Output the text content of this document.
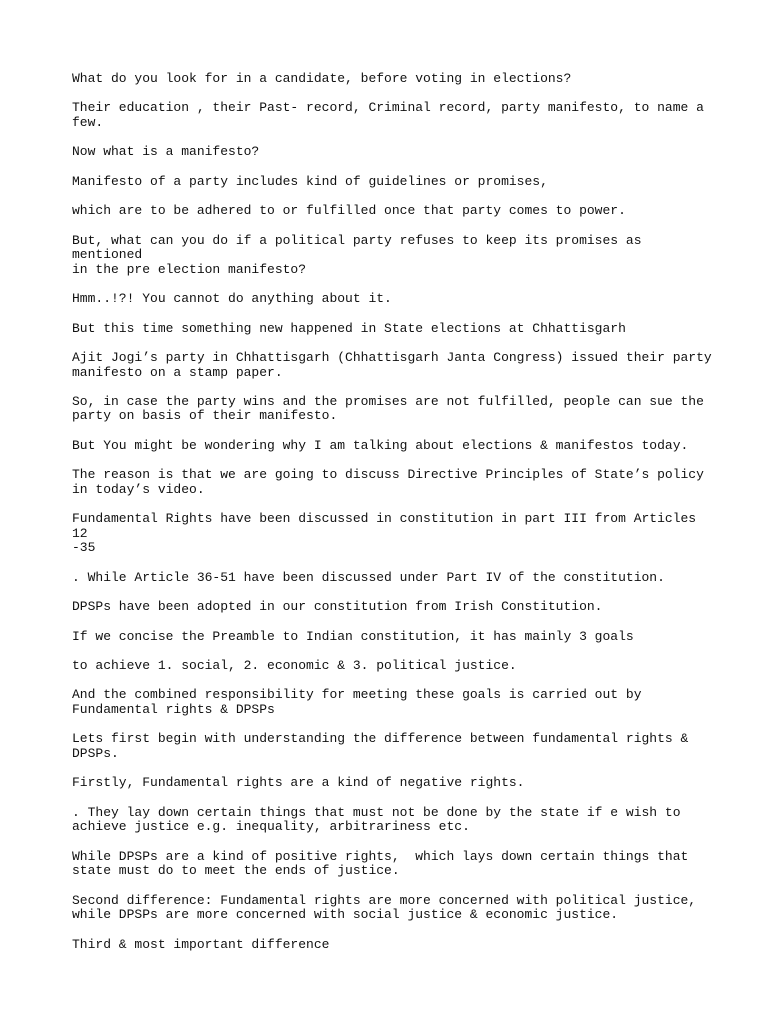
What do you look for in a candidate, before voting in elections?

Their education , their Past- record, Criminal record, party manifesto, to name a
few.

Now what is a manifesto?

Manifesto of a party includes kind of guidelines or promises,

which are to be adhered to or fulfilled once that party comes to power.

But, what can you do if a political party refuses to keep its promises as mentioned
in the pre election manifesto?

Hmm..!?! You cannot do anything about it.

But this time something new happened in State elections at Chhattisgarh

Ajit Jogi’s party in Chhattisgarh (Chhattisgarh Janta Congress) issued their party
manifesto on a stamp paper.

So, in case the party wins and the promises are not fulfilled, people can sue the
party on basis of their manifesto.

But You might be wondering why I am talking about elections & manifestos today.

The reason is that we are going to discuss Directive Principles of State’s policy
in today’s video.

Fundamental Rights have been discussed in constitution in part III from Articles 12
-35

. While Article 36-51 have been discussed under Part IV of the constitution.

DPSPs have been adopted in our constitution from Irish Constitution.

If we concise the Preamble to Indian constitution, it has mainly 3 goals

to achieve 1. social, 2. economic & 3. political justice.

And the combined responsibility for meeting these goals is carried out by
Fundamental rights & DPSPs

Lets first begin with understanding the difference between fundamental rights &
DPSPs.

Firstly, Fundamental rights are a kind of negative rights.

. They lay down certain things that must not be done by the state if e wish to
achieve justice e.g. inequality, arbitrariness etc.

While DPSPs are a kind of positive rights,  which lays down certain things that
state must do to meet the ends of justice.

Second difference: Fundamental rights are more concerned with political justice,
while DPSPs are more concerned with social justice & economic justice.

Third & most important difference
